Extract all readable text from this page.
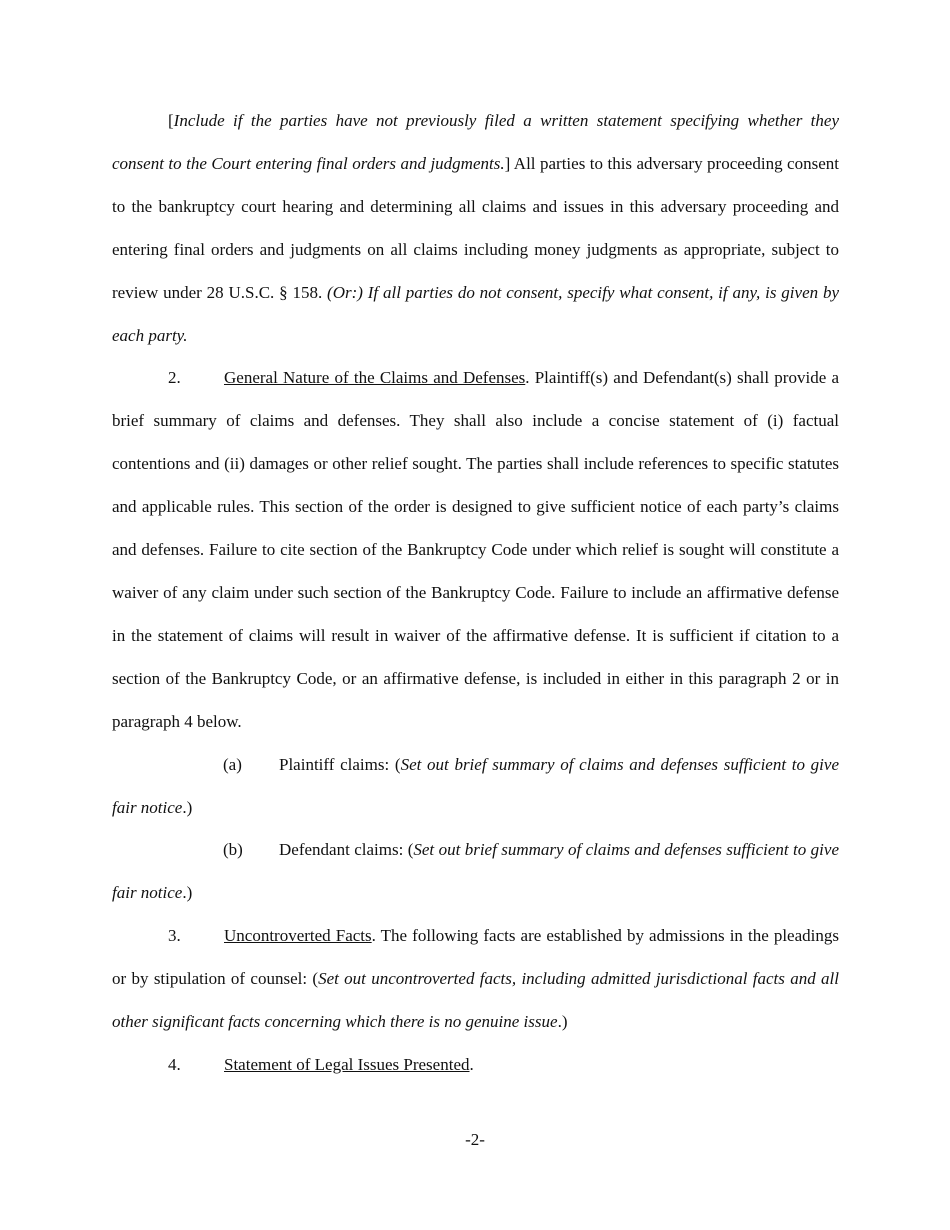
[Include if the parties have not previously filed a written statement specifying whether they consent to the Court entering final orders and judgments.] All parties to this adversary proceeding consent to the bankruptcy court hearing and determining all claims and issues in this adversary proceeding and entering final orders and judgments on all claims including money judgments as appropriate, subject to review under 28 U.S.C. § 158. (Or:) If all parties do not consent, specify what consent, if any, is given by each party.

2.	General Nature of the Claims and Defenses. Plaintiff(s) and Defendant(s) shall provide a brief summary of claims and defenses. They shall also include a concise statement of (i) factual contentions and (ii) damages or other relief sought. The parties shall include references to specific statutes and applicable rules. This section of the order is designed to give sufficient notice of each party’s claims and defenses. Failure to cite section of the Bankruptcy Code under which relief is sought will constitute a waiver of any claim under such section of the Bankruptcy Code. Failure to include an affirmative defense in the statement of claims will result in waiver of the affirmative defense. It is sufficient if citation to a section of the Bankruptcy Code, or an affirmative defense, is included in either in this paragraph 2 or in paragraph 4 below.

(a) Plaintiff claims: (Set out brief summary of claims and defenses sufficient to give fair notice.)

(b) Defendant claims: (Set out brief summary of claims and defenses sufficient to give fair notice.)

3.	Uncontroverted Facts. The following facts are established by admissions in the pleadings or by stipulation of counsel: (Set out uncontroverted facts, including admitted jurisdictional facts and all other significant facts concerning which there is no genuine issue.)

4.	Statement of Legal Issues Presented.

-2-
